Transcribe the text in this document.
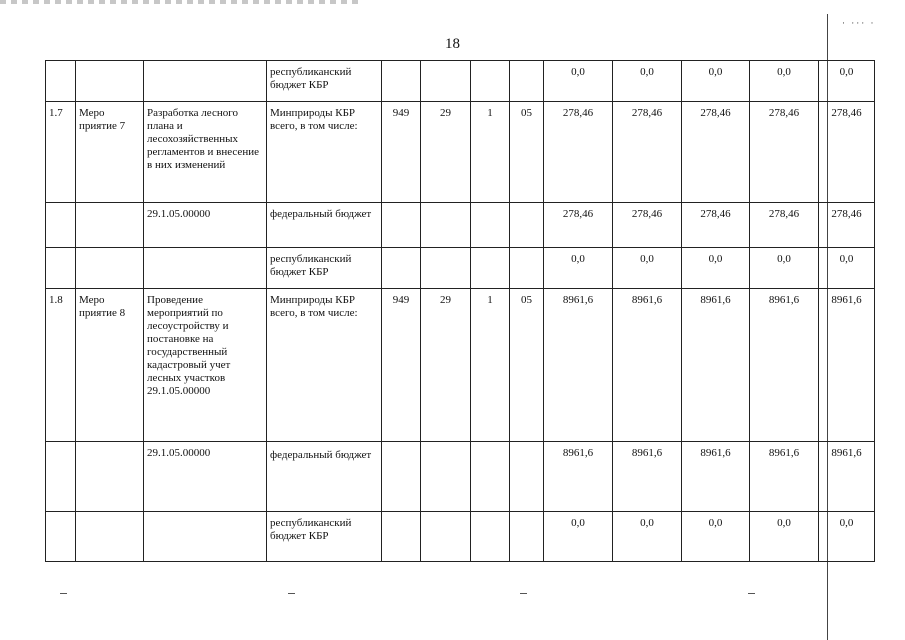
18
· ··· ·
			республиканский бюджет КБР					0,0	0,0	0,0	0,0	0,0
1.7	Меро приятие 7	Разработка лесного плана и лесохозяйственных регламентов и внесение в них изменений	Минприроды КБР всего, в том числе:	949	29	1	05	278,46	278,46	278,46	278,46	278,46
		29.1.05.00000	федеральный бюджет					278,46	278,46	278,46	278,46	278,46
			республиканский бюджет КБР					0,0	0,0	0,0	0,0	0,0
1.8	Меро приятие 8	Проведение мероприятий по лесоустройству и постановке на государственный кадастровый учет лесных участков 29.1.05.00000	Минприроды КБР всего, в том числе:	949	29	1	05	8961,6	8961,6	8961,6	8961,6	8961,6
		29.1.05.00000	федеральный бюджет					8961,6	8961,6	8961,6	8961,6	8961,6
			республиканский бюджет КБР					0,0	0,0	0,0	0,0	0,0
